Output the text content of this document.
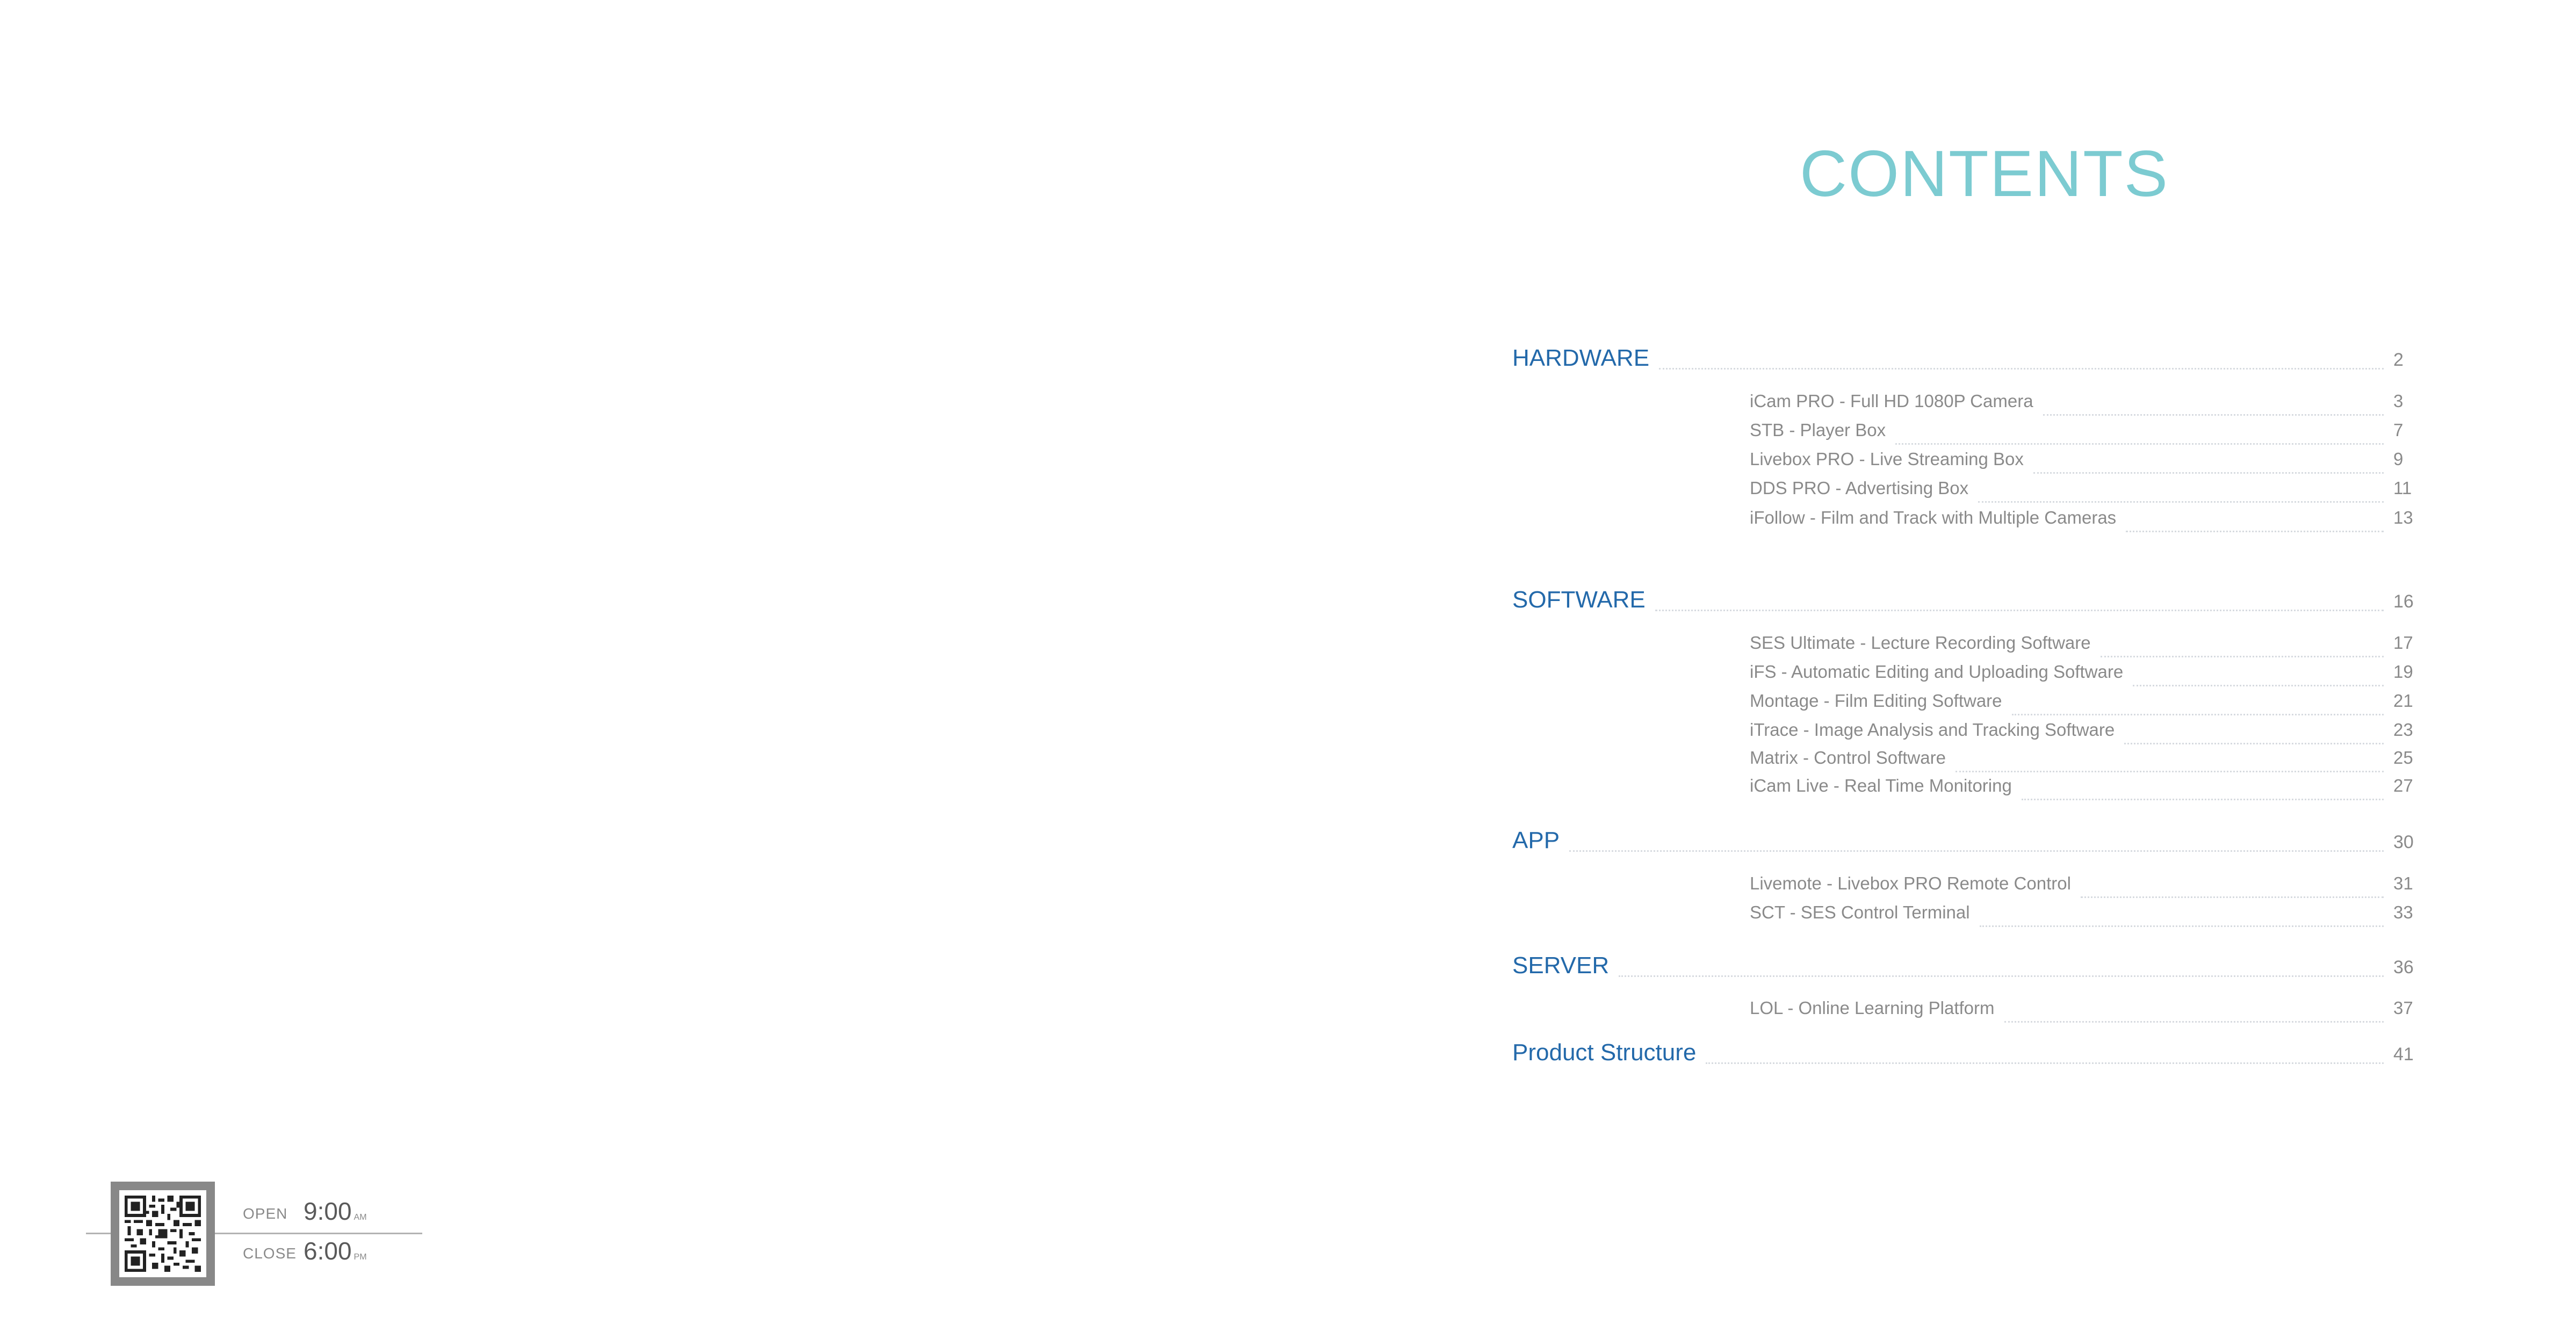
CONTENTS
HARDWARE	2
iCam PRO - Full HD 1080P Camera	3
STB - Player Box	7
Livebox PRO - Live Streaming Box	9
DDS PRO - Advertising Box	11
iFollow - Film and Track with Multiple Cameras	13
SOFTWARE	16
SES Ultimate - Lecture Recording Software	17
iFS - Automatic Editing and Uploading Software	19
Montage - Film Editing Software	21
iTrace - Image Analysis and Tracking Software	23
Matrix - Control Software	25
iCam Live - Real Time Monitoring	27
APP	30
Livemote - Livebox PRO Remote Control	31
SCT - SES Control Terminal	33
SERVER	36
LOL - Online Learning Platform	37
Product Structure	41
OPEN 9:00 AM
CLOSE 6:00 PM
